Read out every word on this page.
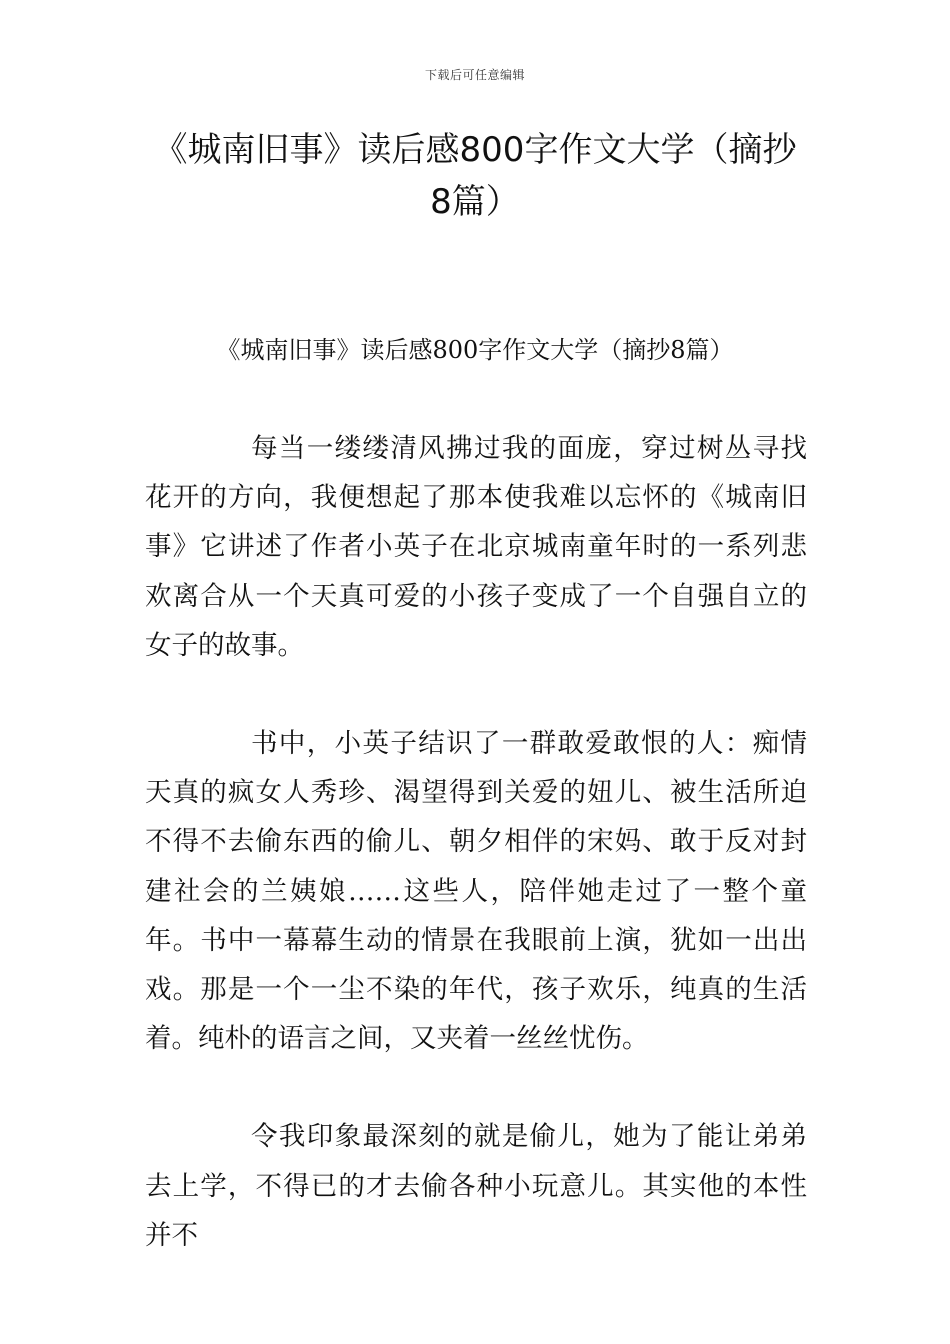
下载后可任意编辑
《城南旧事》读后感800字作文大学（摘抄8篇）
《城南旧事》读后感800字作文大学（摘抄8篇）

每当一缕缕清风拂过我的面庞，穿过树丛寻找花开的方向，我便想起了那本使我难以忘怀的《城南旧事》它讲述了作者小英子在北京城南童年时的一系列悲欢离合从一个天真可爱的小孩子变成了一个自强自立的女子的故事。

书中，小英子结识了一群敢爱敢恨的人：痴情天真的疯女人秀珍、渴望得到关爱的妞儿、被生活所迫不得不去偷东西的偷儿、朝夕相伴的宋妈、敢于反对封建社会的兰姨娘……这些人，陪伴她走过了一整个童年。书中一幕幕生动的情景在我眼前上演，犹如一出出戏。那是一个一尘不染的年代，孩子欢乐，纯真的生活着。纯朴的语言之间，又夹着一丝丝忧伤。

令我印象最深刻的就是偷儿，她为了能让弟弟去上学，不得已的才去偷各种小玩意儿。其实他的本性并不
